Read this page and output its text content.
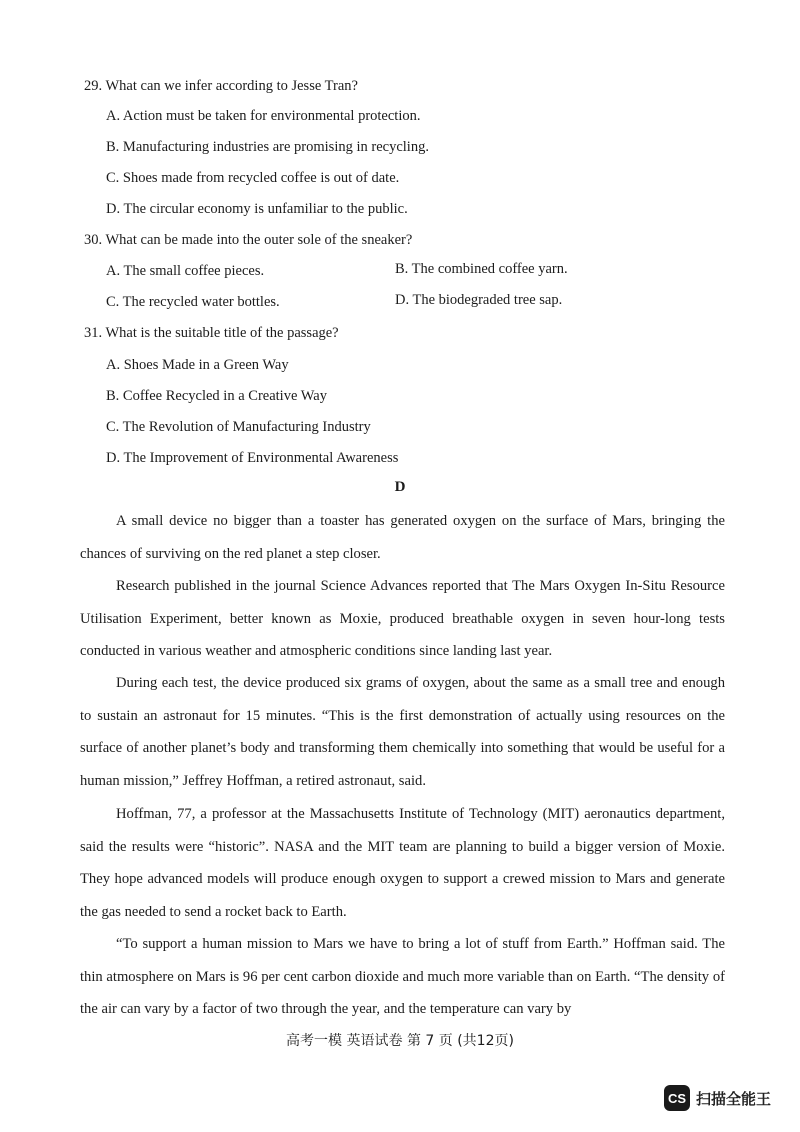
29. What can we infer according to Jesse Tran?
A. Action must be taken for environmental protection.
B. Manufacturing industries are promising in recycling.
C. Shoes made from recycled coffee is out of date.
D. The circular economy is unfamiliar to the public.
30. What can be made into the outer sole of the sneaker?
A. The small coffee pieces.	B. The combined coffee yarn.
C. The recycled water bottles.	D. The biodegraded tree sap.
31. What is the suitable title of the passage?
A. Shoes Made in a Green Way
B. Coffee Recycled in a Creative Way
C. The Revolution of Manufacturing Industry
D. The Improvement of Environmental Awareness
D
A small device no bigger than a toaster has generated oxygen on the surface of Mars, bringing the chances of surviving on the red planet a step closer.
Research published in the journal Science Advances reported that The Mars Oxygen In-Situ Resource Utilisation Experiment, better known as Moxie, produced breathable oxygen in seven hour-long tests conducted in various weather and atmospheric conditions since landing last year.
During each test, the device produced six grams of oxygen, about the same as a small tree and enough to sustain an astronaut for 15 minutes. “This is the first demonstration of actually using resources on the surface of another planet’s body and transforming them chemically into something that would be useful for a human mission,” Jeffrey Hoffman, a retired astronaut, said.
Hoffman, 77, a professor at the Massachusetts Institute of Technology (MIT) aeronautics department, said the results were “historic”. NASA and the MIT team are planning to build a bigger version of Moxie. They hope advanced models will produce enough oxygen to support a crewed mission to Mars and generate the gas needed to send a rocket back to Earth.
“To support a human mission to Mars we have to bring a lot of stuff from Earth.” Hoffman said. The thin atmosphere on Mars is 96 per cent carbon dioxide and much more variable than on Earth. “The density of the air can vary by a factor of two through the year, and the temperature can vary by
高考一模 英语试卷 第 7 页 (共12页)
CS 扫描全能王
